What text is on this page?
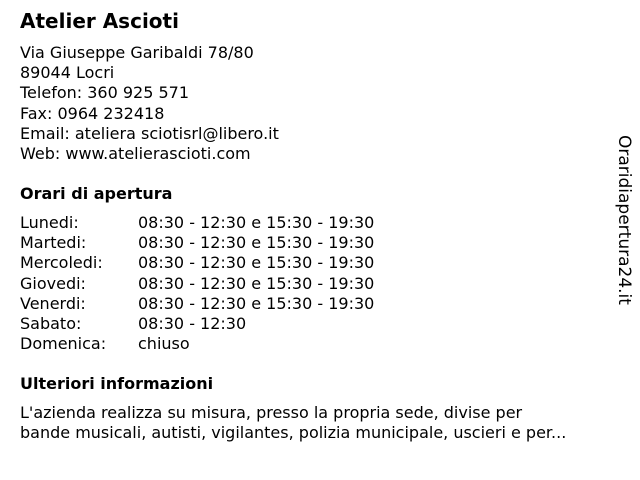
Atelier Ascioti
Via Giuseppe Garibaldi 78/80
89044 Locri
Telefon: 360 925 571
Fax: 0964 232418
Email: ateliera sciotisrl@libero.it
Web: www.atelierascioti.com
Orari di apertura
Lunedi:	08:30 - 12:30 e 15:30 - 19:30
Martedi:	08:30 - 12:30 e 15:30 - 19:30
Mercoledi:	08:30 - 12:30 e 15:30 - 19:30
Giovedi:	08:30 - 12:30 e 15:30 - 19:30
Venerdi:	08:30 - 12:30 e 15:30 - 19:30
Sabato:	08:30 - 12:30
Domenica:	chiuso
Ulteriori informazioni
L'azienda realizza su misura, presso la propria sede, divise per
bande musicali, autisti, vigilantes, polizia municipale, uscieri e per...
Oraridiapertura24.it
